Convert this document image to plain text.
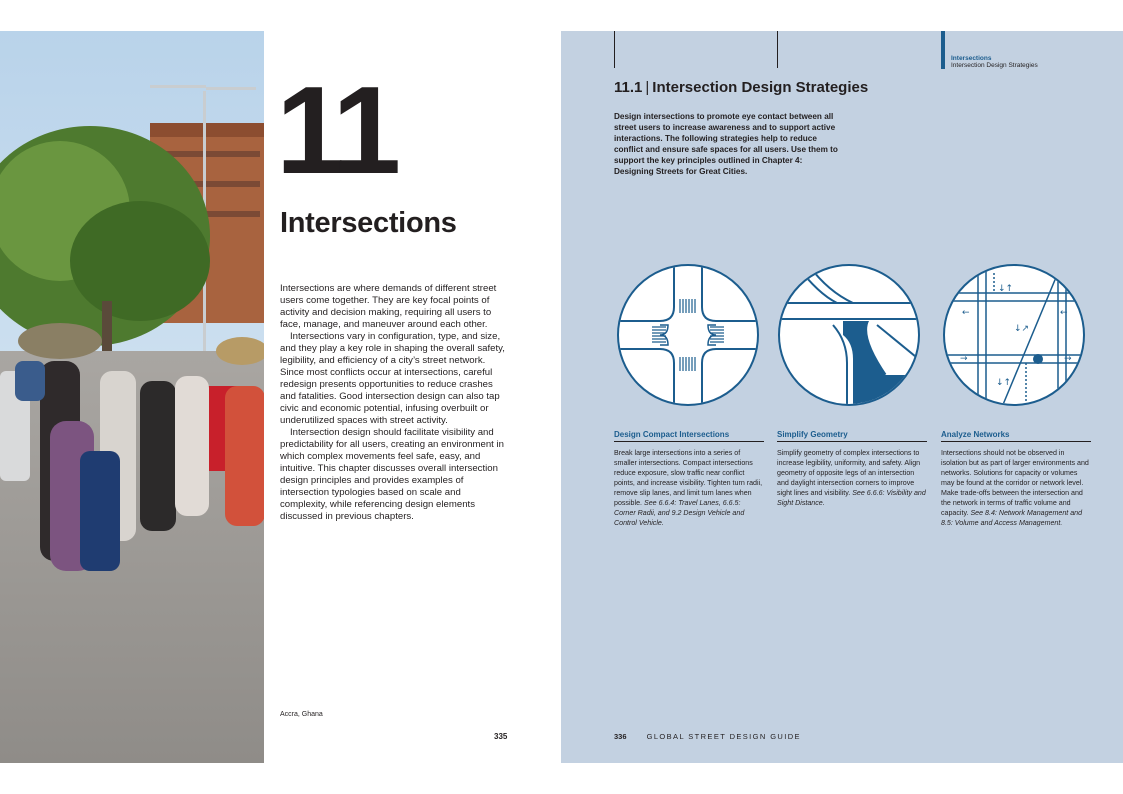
11
Intersections

Intersections are where demands of different street users come together. They are key focal points of activity and decision making, requiring all users to face, manage, and maneuver around each other.

Intersections vary in configuration, type, and size, and they play a key role in shaping the overall safety, legibility, and efficiency of a city’s street network. Since most conflicts occur at intersections, careful redesign presents opportunities to reduce crashes and fatalities. Good intersection design can also tap civic and economic potential, infusing overbuilt or underutilized spaces with street activity.

Intersection design should facilitate visibility and predictability for all users, creating an environment in which complex movements feel safe, easy, and intuitive. This chapter discusses overall intersection design principles and provides examples of intersection typologies based on scale and complexity, while referencing design elements discussed in previous chapters.

Accra, Ghana
335
Intersections
Intersection Design Strategies
11.1 | Intersection Design Strategies
Design intersections to promote eye contact between all street users to increase awareness and to support active interactions. The following strategies help to reduce conflict and ensure safe spaces for all users. Use them to support the key principles outlined in Chapter 4: Designing Streets for Great Cities.
↓↑
←	←
↓↗
→	→
↓↑
Design Compact Intersections
Break large intersections into a series of smaller intersections. Compact intersections reduce exposure, slow traffic near conflict points, and increase visibility. Tighten turn radii, remove slip lanes, and limit turn lanes when possible. See 6.6.4: Travel Lanes, 6.6.5: Corner Radii, and 9.2 Design Vehicle and Control Vehicle.
Simplify Geometry
Simplify geometry of complex intersections to increase legibility, uniformity, and safety. Align geometry of opposite legs of an intersection and daylight intersection corners to improve sight lines and visibility. See 6.6.6: Visibility and Sight Distance.
Analyze Networks
Intersections should not be observed in isolation but as part of larger environments and networks. Solutions for capacity or volumes may be found at the corridor or network level. Make trade-offs between the intersection and the network in terms of traffic volume and capacity. See 8.4: Network Management and 8.5: Volume and Access Management.
336	GLOBAL STREET DESIGN GUIDE
